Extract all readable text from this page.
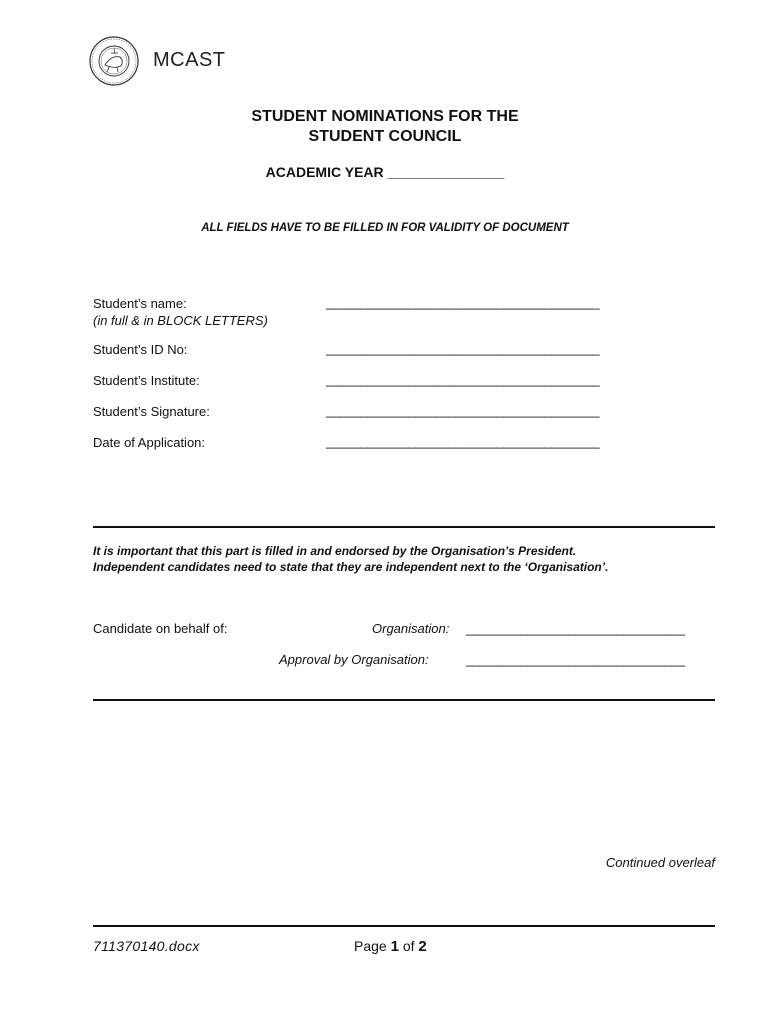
MCAST
STUDENT NOMINATIONS FOR THE
STUDENT COUNCIL
ACADEMIC YEAR _______________
ALL FIELDS HAVE TO BE FILLED IN FOR VALIDITY OF DOCUMENT
Student’s name:
(in full & in BLOCK LETTERS)
________________________________________
Student’s ID No:	________________________________________
Student’s Institute:	________________________________________
Student’s Signature:	________________________________________
Date of Application:	________________________________________
It is important that this part is filled in and endorsed by the Organisation’s President.
Independent candidates need to state that they are independent next to the ‘Organisation’.
Candidate on behalf of:	Organisation: ________________________________
Approval by Organisation:	________________________________
Continued overleaf
711370140.docx	Page 1 of 2
